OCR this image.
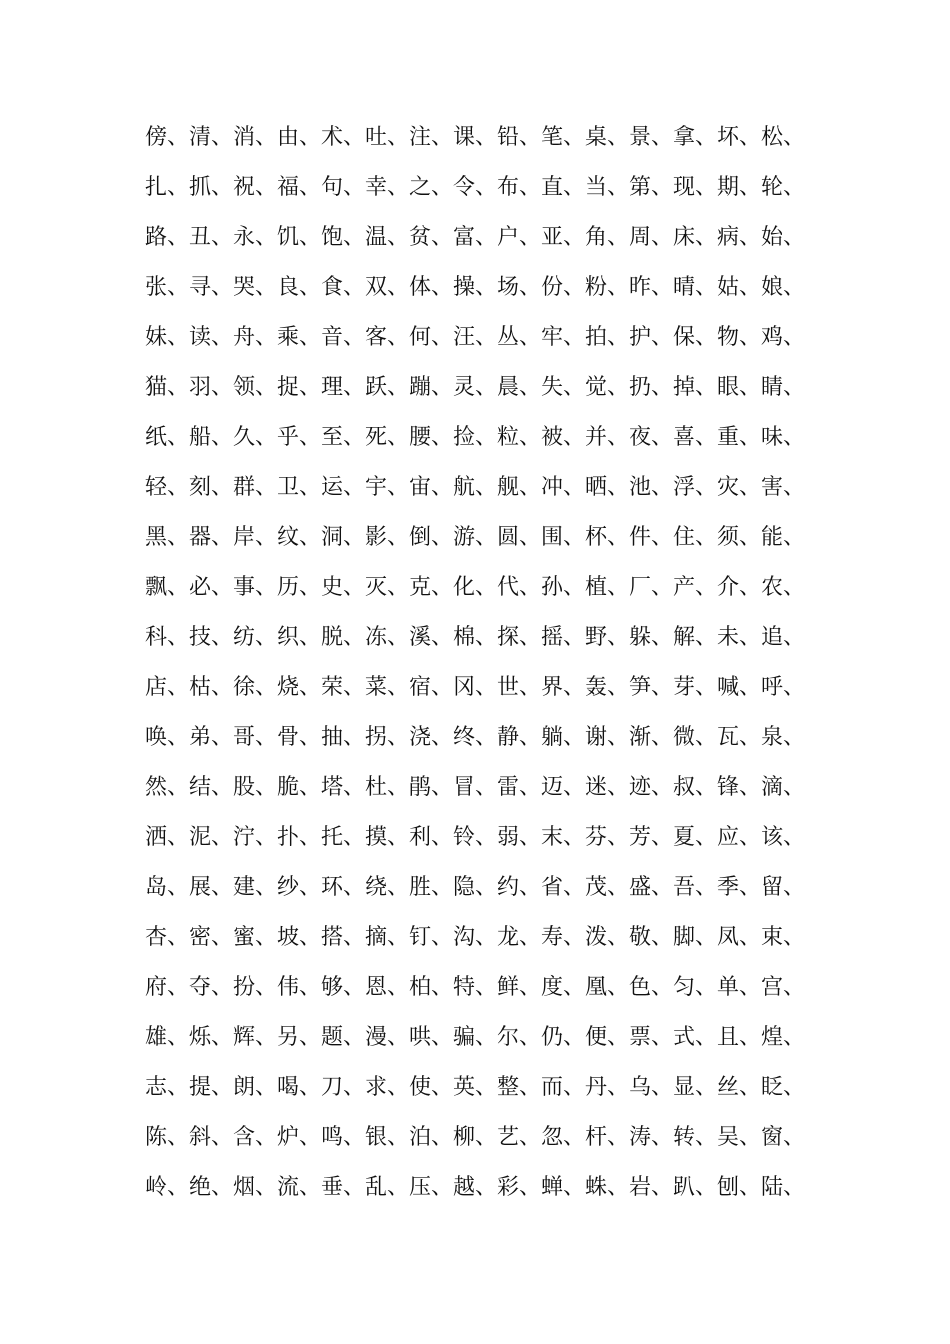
傍、清、消、由、术、吐、注、课、铅、笔、桌、景、拿、坏、松、
扎、抓、祝、福、句、幸、之、令、布、直、当、第、现、期、轮、
路、丑、永、饥、饱、温、贫、富、户、亚、角、周、床、病、始、
张、寻、哭、良、食、双、体、操、场、份、粉、昨、晴、姑、娘、
妹、读、舟、乘、音、客、何、汪、丛、牢、拍、护、保、物、鸡、
猫、羽、领、捉、理、跃、蹦、灵、晨、失、觉、扔、掉、眼、睛、
纸、船、久、乎、至、死、腰、捡、粒、被、并、夜、喜、重、味、
轻、刻、群、卫、运、宇、宙、航、舰、冲、晒、池、浮、灾、害、
黑、器、岸、纹、洞、影、倒、游、圆、围、杯、件、住、须、能、
飘、必、事、历、史、灭、克、化、代、孙、植、厂、产、介、农、
科、技、纺、织、脱、冻、溪、棉、探、摇、野、躲、解、未、追、
店、枯、徐、烧、荣、菜、宿、冈、世、界、轰、笋、芽、喊、呼、
唤、弟、哥、骨、抽、拐、浇、终、静、躺、谢、渐、微、瓦、泉、
然、结、股、脆、塔、杜、鹃、冒、雷、迈、迷、迹、叔、锋、滴、
洒、泥、泞、扑、托、摸、利、铃、弱、末、芬、芳、夏、应、该、
岛、展、建、纱、环、绕、胜、隐、约、省、茂、盛、吾、季、留、
杏、密、蜜、坡、搭、摘、钉、沟、龙、寿、泼、敬、脚、凤、束、
府、夺、扮、伟、够、恩、柏、特、鲜、度、凰、色、匀、单、宫、
雄、烁、辉、另、题、漫、哄、骗、尔、仍、便、票、式、且、煌、
志、提、朗、喝、刀、求、使、英、整、而、丹、乌、显、丝、眨、
陈、斜、含、炉、鸣、银、泊、柳、艺、忽、杆、涛、转、吴、窗、
岭、绝、烟、流、垂、乱、压、越、彩、蝉、蛛、岩、趴、刨、陆、
